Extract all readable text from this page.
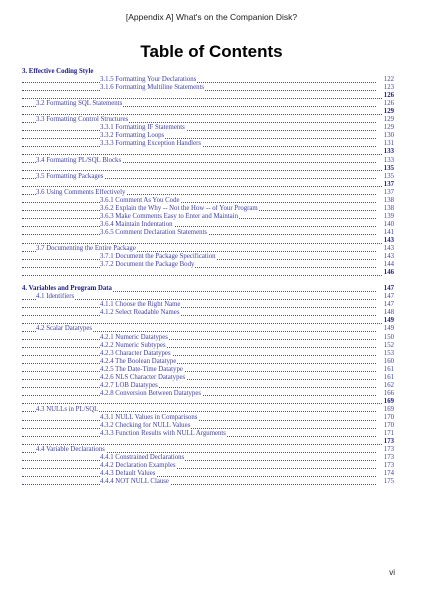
[Appendix A] What's on the Companion Disk?
Table of Contents
3. Effective Coding Style
3.1.5 Formatting Your Declarations	122
3.1.6 Formatting Multiline Statements	123
126
3.2 Formatting SQL Statements	126
129
3.3 Formatting Control Structures	129
3.3.1 Formatting IF Statements	129
3.3.2 Formatting Loops	130
3.3.3 Formatting Exception Handlers	131
133
3.4 Formatting PL/SQL Blocks	133
135
3.5 Formatting Packages	135
137
3.6 Using Comments Effectively	137
3.6.1 Comment As You Code	138
3.6.2 Explain the Why -- Not the How -- of Your Program	138
3.6.3 Make Comments Easy to Enter and Maintain	139
3.6.4 Maintain Indentation	140
3.6.5 Comment Declaration Statements	141
143
3.7 Documenting the Entire Package	143
3.7.1 Document the Package Specification	143
3.7.2 Document the Package Body	144
146
4. Variables and Program Data	147
4.1 Identifiers	147
4.1.1 Choose the Right Name	147
4.1.2 Select Readable Names	148
149
4.2 Scalar Datatypes	149
4.2.1 Numeric Datatypes	150
4.2.2 Numeric Subtypes	152
4.2.3 Character Datatypes	153
4.2.4 The Boolean Datatype	160
4.2.5 The Date-Time Datatype	161
4.2.6 NLS Character Datatypes	161
4.2.7 LOB Datatypes	162
4.2.8 Conversion Between Datatypes	166
169
4.3 NULLs in PL/SQL	169
4.3.1 NULL Values in Comparisons	170
4.3.2 Checking for NULL Values	170
4.3.3 Function Results with NULL Arguments	171
173
4.4 Variable Declarations	173
4.4.1 Constrained Declarations	173
4.4.2 Declaration Examples	173
4.4.3 Default Values	174
4.4.4 NOT NULL Clause	175
vi
